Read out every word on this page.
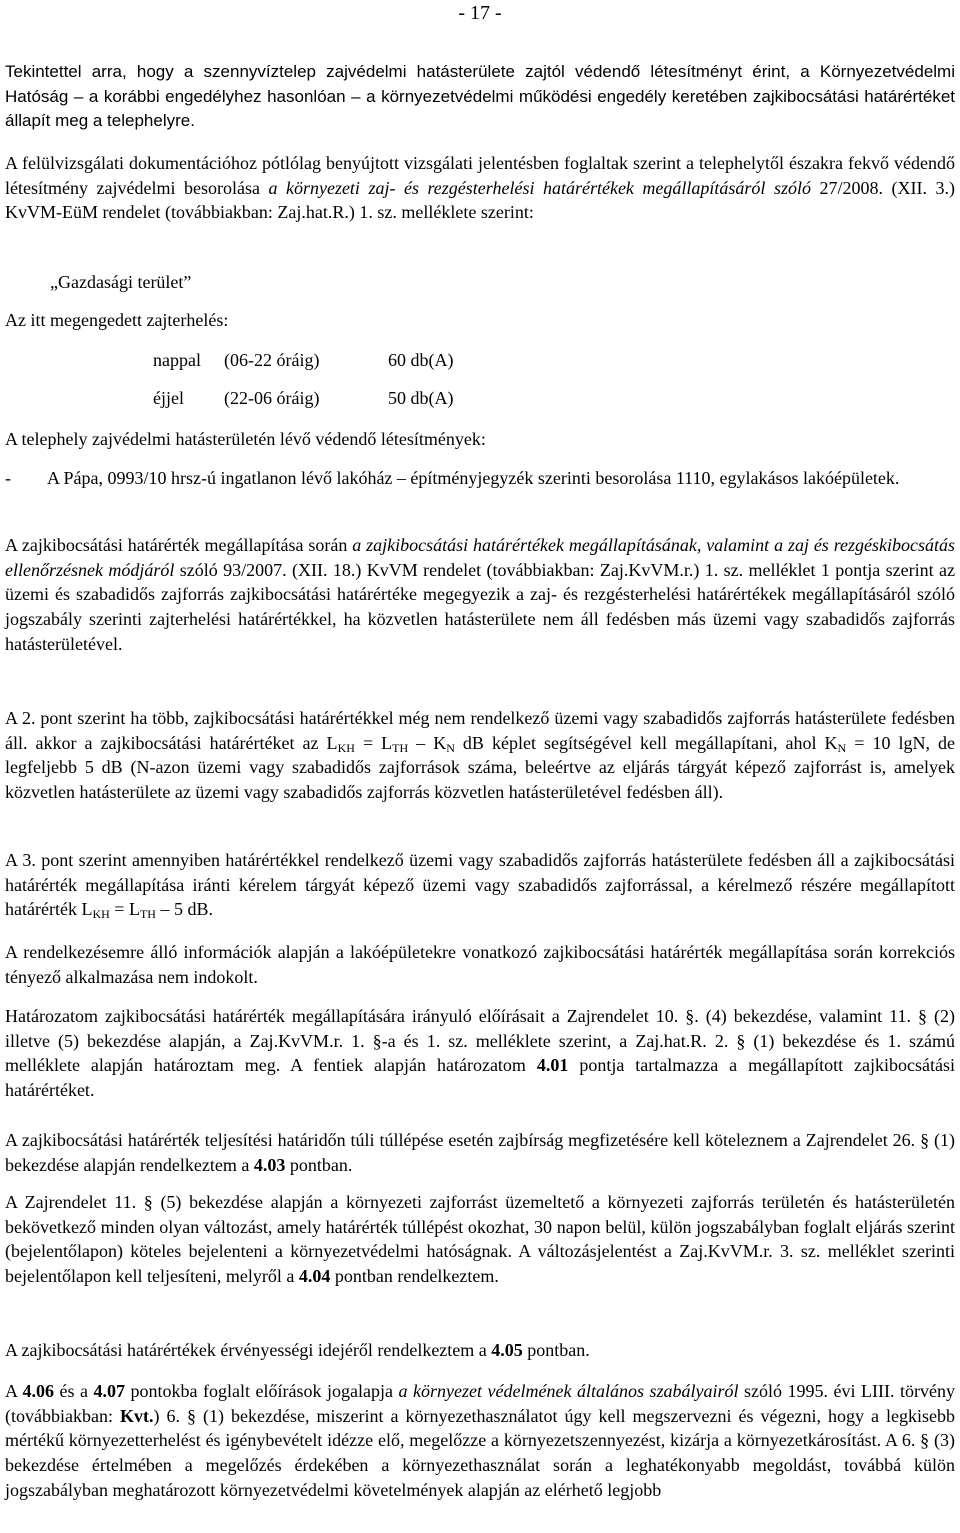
- 17 -

Tekintettel arra, hogy a szennyvíztelep zajvédelmi hatásterülete zajtól védendő létesítményt érint, a Környezetvédelmi Hatóság – a korábbi engedélyhez hasonlóan – a környezetvédelmi működési engedély keretében zajkibocsátási határértéket állapít meg a telephelyre.

A felülvizsgálati dokumentációhoz pótlólag benyújtott vizsgálati jelentésben foglaltak szerint a telephelytől északra fekvő védendő létesítmény zajvédelmi besorolása a környezeti zaj- és rezgésterhelési határértékek megállapításáról szóló 27/2008. (XII. 3.) KvVM-EüM rendelet (továbbiakban: Zaj.hat.R.) 1. sz. melléklete szerint:

„Gazdasági terület”
Az itt megengedett zajterhelés:
nappal (06-22 óráig)	60 db(A)
éjjel (22-06 óráig)	50 db(A)
A telephely zajvédelmi hatásterületén lévő védendő létesítmények:
- A Pápa, 0993/10 hrsz-ú ingatlanon lévő lakóház – építményjegyzék szerinti besorolása 1110, egylakásos lakóépületek.

A zajkibocsátási határérték megállapítása során a zajkibocsátási határértékek megállapításának, valamint a zaj és rezgéskibocsátás ellenőrzésnek módjáról szóló 93/2007. (XII. 18.) KvVM rendelet (továbbiakban: Zaj.KvVM.r.) 1. sz. melléklet 1 pontja szerint az üzemi és szabadidős zajforrás zajkibocsátási határértéke megegyezik a zaj- és rezgésterhelési határértékek megállapításáról szóló jogszabály szerinti zajterhelési határértékkel, ha közvetlen hatásterülete nem áll fedésben más üzemi vagy szabadidős zajforrás hatásterületével.

A 2. pont szerint ha több, zajkibocsátási határértékkel még nem rendelkező üzemi vagy szabadidős zajforrás hatásterülete fedésben áll. akkor a zajkibocsátási határértéket az $L_{KH} = L_{TH} - K_N$ dB képlet segítségével kell megállapítani, ahol $K_N = 10$ lgN, de legfeljebb 5 dB (N-azon üzemi vagy szabadidős zajforrások száma, beleértve az eljárás tárgyát képező zajforrást is, amelyek közvetlen hatásterülete az üzemi vagy szabadidős zajforrás közvetlen hatásterületével fedésben áll).

A 3. pont szerint amennyiben határértékkel rendelkező üzemi vagy szabadidős zajforrás hatásterülete fedésben áll a zajkibocsátási határérték megállapítása iránti kérelem tárgyát képező üzemi vagy szabadidős zajforrással, a kérelmező részére megállapított határérték $L_{KH} = L_{TH} - 5$ dB.

A rendelkezésemre álló információk alapján a lakóépületekre vonatkozó zajkibocsátási határérték megállapítása során korrekciós tényező alkalmazása nem indokolt.

Határozatom zajkibocsátási határérték megállapítására irányuló előírásait a Zajrendelet 10. §. (4) bekezdése, valamint 11. § (2) illetve (5) bekezdése alapján, a Zaj.KvVM.r. 1. §-a és 1. sz. melléklete szerint, a Zaj.hat.R. 2. § (1) bekezdése és 1. számú melléklete alapján határoztam meg. A fentiek alapján határozatom 4.01 pontja tartalmazza a megállapított zajkibocsátási határértéket.

A zajkibocsátási határérték teljesítési határidőn túli túllépése esetén zajbírság megfizetésére kell köteleznem a Zajrendelet 26. § (1) bekezdése alapján rendelkeztem a 4.03 pontban.

A Zajrendelet 11. § (5) bekezdése alapján a környezeti zajforrást üzemeltető a környezeti zajforrás területén és hatásterületén bekövetkező minden olyan változást, amely határérték túllépést okozhat, 30 napon belül, külön jogszabályban foglalt eljárás szerint (bejelentőlapon) köteles bejelenteni a környezetvédelmi hatóságnak. A változásjelentést a Zaj.KvVM.r. 3. sz. melléklet szerinti bejelentőlapon kell teljesíteni, melyről a 4.04 pontban rendelkeztem.

A zajkibocsátási határértékek érvényességi idejéről rendelkeztem a 4.05 pontban.

A 4.06 és a 4.07 pontokba foglalt előírások jogalapja a környezet védelmének általános szabályairól szóló 1995. évi LIII. törvény (továbbiakban: Kvt.) 6. § (1) bekezdése, miszerint a környezethasználatot úgy kell megszervezni és végezni, hogy a legkisebb mértékű környezetterhelést és igénybevételt idézze elő, megelőzze a környezetszennyezést, kizárja a környezetkárosítást. A 6. § (3) bekezdése értelmében a megelőzés érdekében a környezethasználat során a leghatékonyabb megoldást, továbbá külön jogszabályban meghatározott környezetvédelmi követelmények alapján az elérhető legjobb
